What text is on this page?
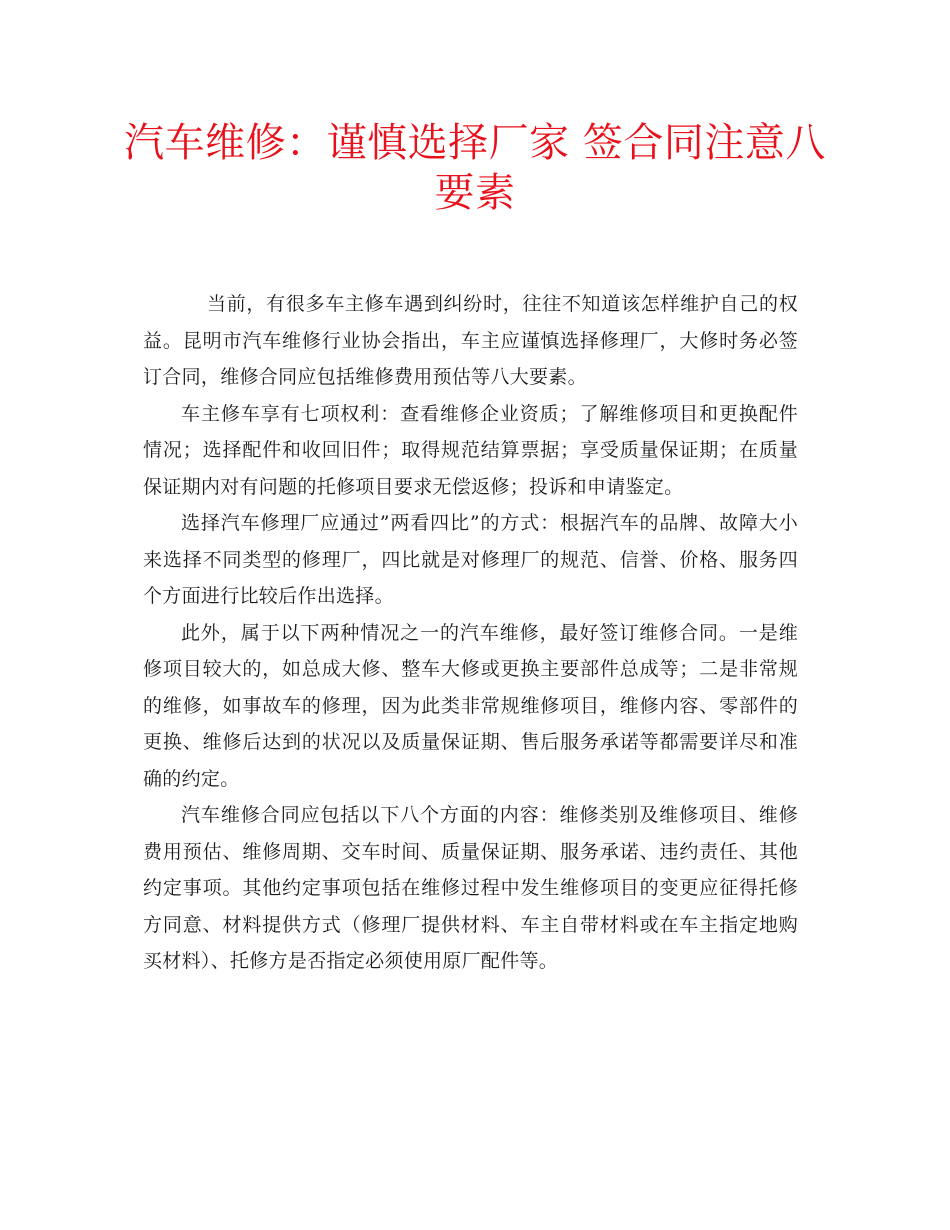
汽车维修：谨慎选择厂家 签合同注意八要素

当前，有很多车主修车遇到纠纷时，往往不知道该怎样维护自己的权益。昆明市汽车维修行业协会指出，车主应谨慎选择修理厂，大修时务必签订合同，维修合同应包括维修费用预估等八大要素。

车主修车享有七项权利：查看维修企业资质；了解维修项目和更换配件情况；选择配件和收回旧件；取得规范结算票据；享受质量保证期；在质量保证期内对有问题的托修项目要求无偿返修；投诉和申请鉴定。

选择汽车修理厂应通过”两看四比”的方式：根据汽车的品牌、故障大小来选择不同类型的修理厂，四比就是对修理厂的规范、信誉、价格、服务四个方面进行比较后作出选择。

此外，属于以下两种情况之一的汽车维修，最好签订维修合同。一是维修项目较大的，如总成大修、整车大修或更换主要部件总成等；二是非常规的维修，如事故车的修理，因为此类非常规维修项目，维修内容、零部件的更换、维修后达到的状况以及质量保证期、售后服务承诺等都需要详尽和准确的约定。

汽车维修合同应包括以下八个方面的内容：维修类别及维修项目、维修费用预估、维修周期、交车时间、质量保证期、服务承诺、违约责任、其他约定事项。其他约定事项包括在维修过程中发生维修项目的变更应征得托修方同意、材料提供方式（修理厂提供材料、车主自带材料或在车主指定地购买材料）、托修方是否指定必须使用原厂配件等。
